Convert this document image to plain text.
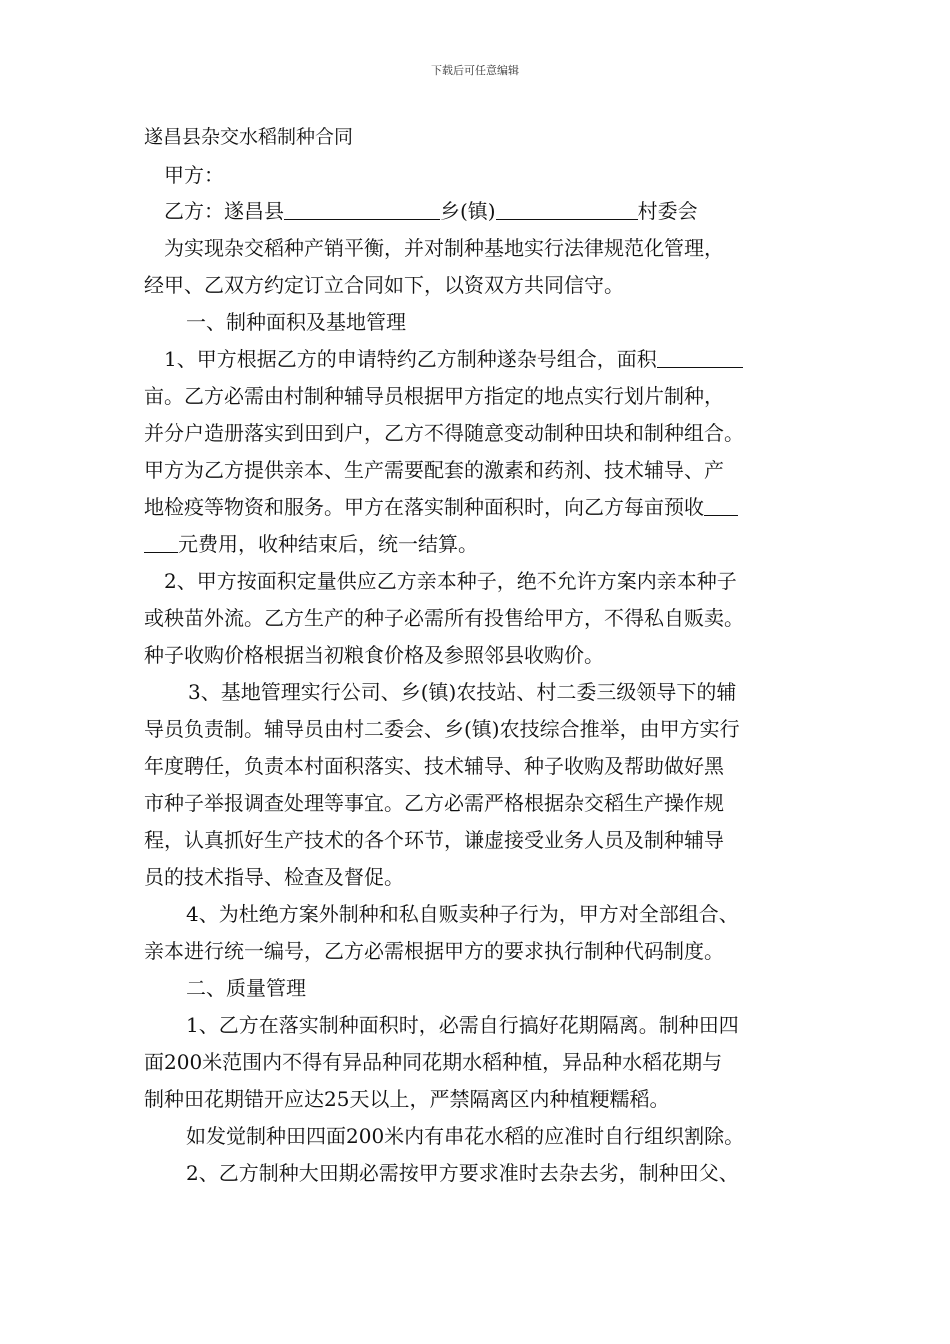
下载后可任意编辑
遂昌县杂交水稻制种合同
甲方：
乙方：遂昌县	乡(镇)	村委会
为实现杂交稻种产销平衡，并对制种基地实行法律规范化管理，
经甲、乙双方约定订立合同如下，以资双方共同信守。
一、制种面积及基地管理
1、甲方根据乙方的申请特约乙方制种遂杂号组合，面积
亩。乙方必需由村制种辅导员根据甲方指定的地点实行划片制种，
并分户造册落实到田到户，乙方不得随意变动制种田块和制种组合。
甲方为乙方提供亲本、生产需要配套的激素和药剂、技术辅导、产
地检疫等物资和服务。甲方在落实制种面积时，向乙方每亩预收
元费用，收种结束后，统一结算。
2、甲方按面积定量供应乙方亲本种子，绝不允许方案内亲本种子
或秧苗外流。乙方生产的种子必需所有投售给甲方，不得私自贩卖。
种子收购价格根据当初粮食价格及参照邻县收购价。
3、基地管理实行公司、乡(镇)农技站、村二委三级领导下的辅
导员负责制。辅导员由村二委会、乡(镇)农技综合推举，由甲方实行
年度聘任，负责本村面积落实、技术辅导、种子收购及帮助做好黑
市种子举报调查处理等事宜。乙方必需严格根据杂交稻生产操作规
程，认真抓好生产技术的各个环节，谦虚接受业务人员及制种辅导
员的技术指导、检查及督促。
4、为杜绝方案外制种和私自贩卖种子行为，甲方对全部组合、
亲本进行统一编号，乙方必需根据甲方的要求执行制种代码制度。
二、质量管理
1、乙方在落实制种面积时，必需自行搞好花期隔离。制种田四
面200米范围内不得有异品种同花期水稻种植，异品种水稻花期与
制种田花期错开应达25天以上，严禁隔离区内种植粳糯稻。
如发觉制种田四面200米内有串花水稻的应准时自行组织割除。
2、乙方制种大田期必需按甲方要求准时去杂去劣，制种田父、
